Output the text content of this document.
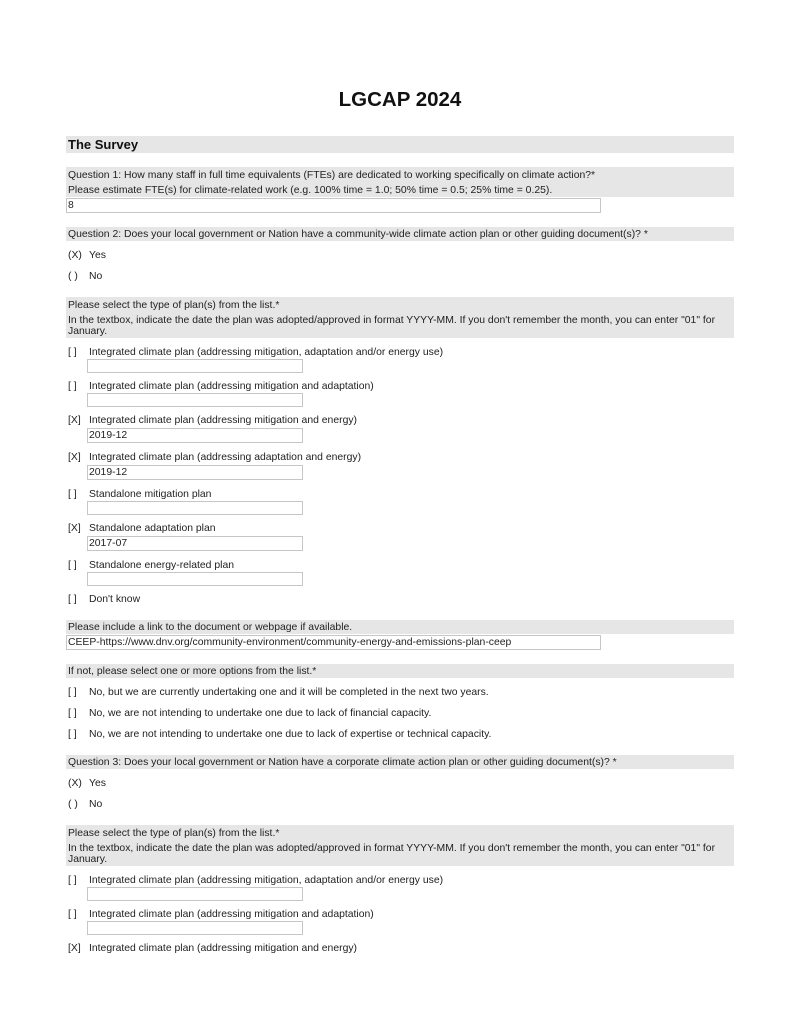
LGCAP 2024
The Survey

Question 1: How many staff in full time equivalents (FTEs) are dedicated to working specifically on climate action?*

Please estimate FTE(s) for climate-related work (e.g. 100% time = 1.0; 50% time = 0.5; 25% time = 0.25).

8

Question 2: Does your local government or Nation have a community-wide climate action plan or other guiding document(s)? *

(X) Yes
( ) No

Please select the type of plan(s) from the list.*

In the textbox, indicate the date the plan was adopted/approved in format YYYY-MM. If you don't remember the month, you can enter "01" for January.

[ ] Integrated climate plan (addressing mitigation, adaptation and/or energy use)
[ ] Integrated climate plan (addressing mitigation and adaptation)
[X] Integrated climate plan (addressing mitigation and energy)
2019-12
[X] Integrated climate plan (addressing adaptation and energy)
2019-12
[ ] Standalone mitigation plan
[X] Standalone adaptation plan
2017-07
[ ] Standalone energy-related plan
[ ] Don't know

Please include a link to the document or webpage if available.

CEEP-https://www.dnv.org/community-environment/community-energy-and-emissions-plan-ceep

If not, please select one or more options from the list.*

[ ] No, but we are currently undertaking one and it will be completed in the next two years.
[ ] No, we are not intending to undertake one due to lack of financial capacity.
[ ] No, we are not intending to undertake one due to lack of expertise or technical capacity.

Question 3: Does your local government or Nation have a corporate climate action plan or other guiding document(s)? *

(X) Yes
( ) No

Please select the type of plan(s) from the list.*

In the textbox, indicate the date the plan was adopted/approved in format YYYY-MM. If you don't remember the month, you can enter "01" for January.

[ ] Integrated climate plan (addressing mitigation, adaptation and/or energy use)
[ ] Integrated climate plan (addressing mitigation and adaptation)
[X] Integrated climate plan (addressing mitigation and energy)
